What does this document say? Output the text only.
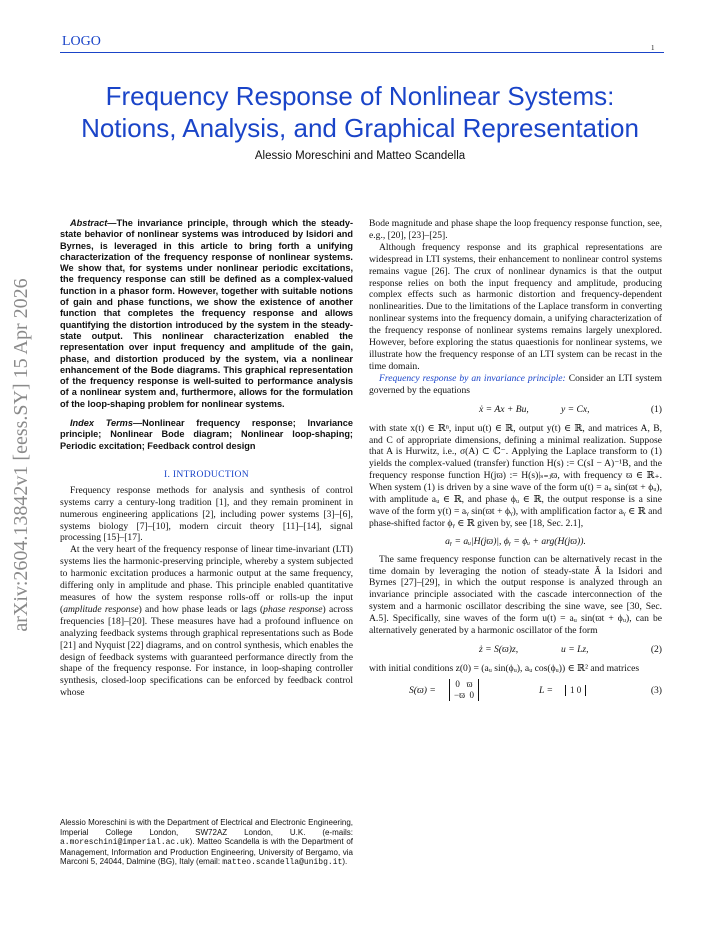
LOGO	1
Frequency Response of Nonlinear Systems:
Notions, Analysis, and Graphical Representation
Alessio Moreschini and Matteo Scandella
arXiv:2604.13842v1 [eess.SY] 15 Apr 2026

Abstract—The invariance principle, through which the steady-state behavior of nonlinear systems was introduced by Isidori and Byrnes, is leveraged in this article to bring forth a unifying characterization of the frequency response of nonlinear systems. We show that, for systems under nonlinear periodic excitations, the frequency response can still be defined as a complex-valued function in a phasor form. However, together with suitable notions of gain and phase functions, we show the existence of another function that completes the frequency response and allows quantifying the distortion introduced by the system in the steady-state output. This nonlinear characterization enabled the representation over input frequency and amplitude of the gain, phase, and distortion produced by the system, via a nonlinear enhancement of the Bode diagrams. This graphical representation of the frequency response is well-suited to performance analysis of a nonlinear system and, furthermore, allows for the formulation of the loop-shaping problem for nonlinear systems.

Index Terms—Nonlinear frequency response; Invariance principle; Nonlinear Bode diagram; Nonlinear loop-shaping; Periodic excitation; Feedback control design

I. INTRODUCTION

Frequency response methods for analysis and synthesis of control systems carry a century-long tradition [1], and they remain prominent in numerous engineering applications [2], including power systems [3]–[6], systems biology [7]–[10], modern circuit theory [11]–[14], signal processing [15]–[17].

At the very heart of the frequency response of linear time-invariant (LTI) systems lies the harmonic-preserving principle, whereby a system subjected to harmonic excitation produces a harmonic output at the same frequency, differing only in amplitude and phase. This principle enabled quantitative measures of how the system response rolls-off or rolls-up the input (amplitude response) and how phase leads or lags (phase response) across frequencies [18]–[20]. These measures have had a profound influence on analyzing feedback systems through graphical representations such as Bode [21] and Nyquist [22] diagrams, and on control synthesis, which enables the design of feedback systems with guaranteed performance directly from the shape of the frequency response. For instance, in loop-shaping controller synthesis, closed-loop specifications can be enforced by feedback control whose

Alessio Moreschini is with the Department of Electrical and Electronic Engineering, Imperial College London, SW72AZ London, U.K. (e-mails: a.moreschini@imperial.ac.uk). Matteo Scandella is with the Department of Management, Information and Production Engineering, University of Bergamo, via Marconi 5, 24044, Dalmine (BG), Italy (email: matteo.scandella@unibg.it).

Bode magnitude and phase shape the loop frequency response function, see, e.g., [20], [23]–[25].

Although frequency response and its graphical representations are widespread in LTI systems, their enhancement to nonlinear control systems remains vague [26]. The crux of nonlinear dynamics is that the output response relies on both the input frequency and amplitude, producing complex effects such as harmonic distortion and frequency-dependent nonlinearities. Due to the limitations of the Laplace transform in converting nonlinear systems into the frequency domain, a unifying characterization of the frequency response of nonlinear systems remains largely unexplored. However, before exploring the status quaestionis for nonlinear systems, we illustrate how the frequency response of an LTI system can be recast in the time domain.

Frequency response by an invariance principle: Consider an LTI system governed by the equations

ẋ = Ax + Bu,	y = Cx,	(1)

with state x(t) ∈ ℝⁿ, input u(t) ∈ ℝ, output y(t) ∈ ℝ, and matrices A, B, and C of appropriate dimensions, defining a minimal realization. Suppose that A is Hurwitz, i.e., σ(A) ⊂ ℂ⁻. Applying the Laplace transform to (1) yields the complex-valued (transfer) function H(s) := C(sI − A)⁻¹B, and the frequency response function H(jϖ) := H(s)|ₛ₌ⱼϖ, with frequency ϖ ∈ ℝ₊. When system (1) is driven by a sine wave of the form u(t) = aᵤ sin(ϖt + ϕᵤ), with amplitude aᵤ ∈ ℝ, and phase ϕᵤ ∈ ℝ, the output response is a sine wave of the form y(t) = aᵧ sin(ϖt + ϕᵧ), with amplification factor aᵧ ∈ ℝ and phase-shifted factor ϕᵧ ∈ ℝ given by, see [18, Sec. 2.1],

aᵧ = aᵤ|H(jϖ)|, ϕᵧ = ϕᵤ + arg(H(jϖ)).

The same frequency response function can be alternatively recast in the time domain by leveraging the notion of steady-state Ã la Isidori and Byrnes [27]–[29], in which the output response is analyzed through an invariance principle associated with the cascade interconnection of the system and a harmonic oscillator describing the sine wave, see [30, Sec. A.5]. Specifically, sine waves of the form u(t) = aᵤ sin(ϖt + ϕᵤ), can be alternatively generated by a harmonic oscillator of the form

ż = S(ϖ)z,	u = Lz,	(2)

with initial conditions z(0) = (aᵤ sin(ϕᵤ), aᵤ cos(ϕᵤ)) ∈ ℝ² and matrices

S(ϖ) =
0 ϖ
−ϖ 0	L =	1 0	(3)
